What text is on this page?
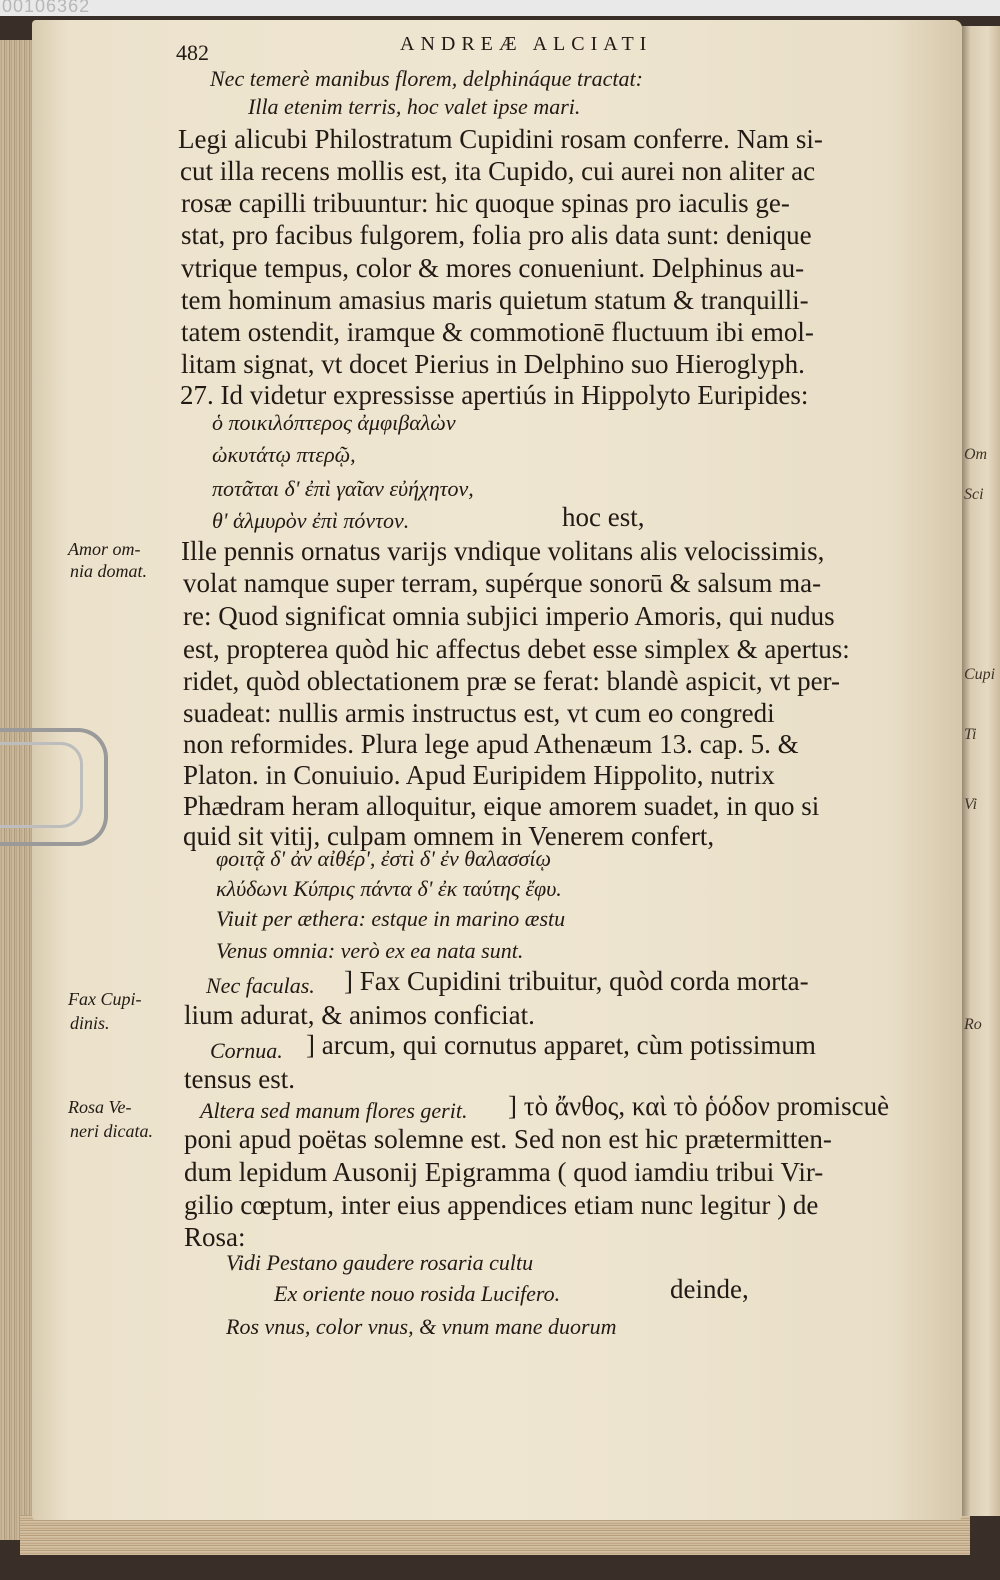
00106362
Om
Sci
Cupi
Ti
Vi
Ro
482	ANDREÆ ALCIATI
Nec temerè manibus florem, delphináque tractat:
Illa etenim terris, hoc valet ipse mari.
Legi alicubi Philostratum Cupidini rosam conferre. Nam si-
cut illa recens mollis est, ita Cupido, cui aurei non aliter ac
rosæ capilli tribuuntur: hic quoque spinas pro iaculis ge-
stat, pro facibus fulgorem, folia pro alis data sunt: denique
vtrique tempus, color & mores conueniunt. Delphinus au-
tem hominum amasius maris quietum statum & tranquilli-
tatem ostendit, iramque & commotionē fluctuum ibi emol-
litam signat, vt docet Pierius in Delphino suo Hieroglyph.
27. Id videtur expressisse apertiús in Hippolyto Euripides:
ὁ ποικιλόπτερος ἀμφιβαλὼν
ὠκυτάτῳ πτερῷ,
ποτᾶται δ' ἐπὶ γαῖαν εὐήχητον,
θ' ἁλμυρὸν ἐπὶ πόντον.	hoc est,
Ille pennis ornatus varijs vndique volitans alis velocissimis,
volat namque super terram, supérque sonorū & salsum ma-
re: Quod significat omnia subjici imperio Amoris, qui nudus
est, propterea quòd hic affectus debet esse simplex & apertus:
ridet, quòd oblectationem præ se ferat: blandè aspicit, vt per-
suadeat: nullis armis instructus est, vt cum eo congredi
non reformides. Plura lege apud Athenæum 13. cap. 5. &
Platon. in Conuiuio. Apud Euripidem Hippolito, nutrix
Phædram heram alloquitur, eique amorem suadet, in quo si
quid sit vitij, culpam omnem in Venerem confert,
φοιτᾷ δ' ἀν αἰθέρ', ἐστὶ δ' ἐν θαλασσίῳ
κλύδωνι Κύπρις πάντα δ' ἐκ ταύτης ἔφυ.
Viuit per æthera: estque in marino æstu
Venus omnia: verò ex ea nata sunt.
Nec faculas. ] Fax Cupidini tribuitur, quòd corda morta-
lium adurat, & animos conficiat.
Cornua. ] arcum, qui cornutus apparet, cùm potissimum
tensus est.
Altera sed manum flores gerit. ] τὸ ἄνθος, καὶ τὸ ῥόδον promiscuè
poni apud poëtas solemne est. Sed non est hic prætermitten-
dum lepidum Ausonij Epigramma ( quod iamdiu tribui Vir-
gilio cœptum, inter eius appendices etiam nunc legitur ) de
Rosa:
Vidi Pestano gaudere rosaria cultu
Ex oriente nouo rosida Lucifero.	deinde,
Ros vnus, color vnus, & vnum mane duorum
Amor om-
nia domat.
Fax Cupi-
dinis.
Rosa Ve-
neri dicata.
